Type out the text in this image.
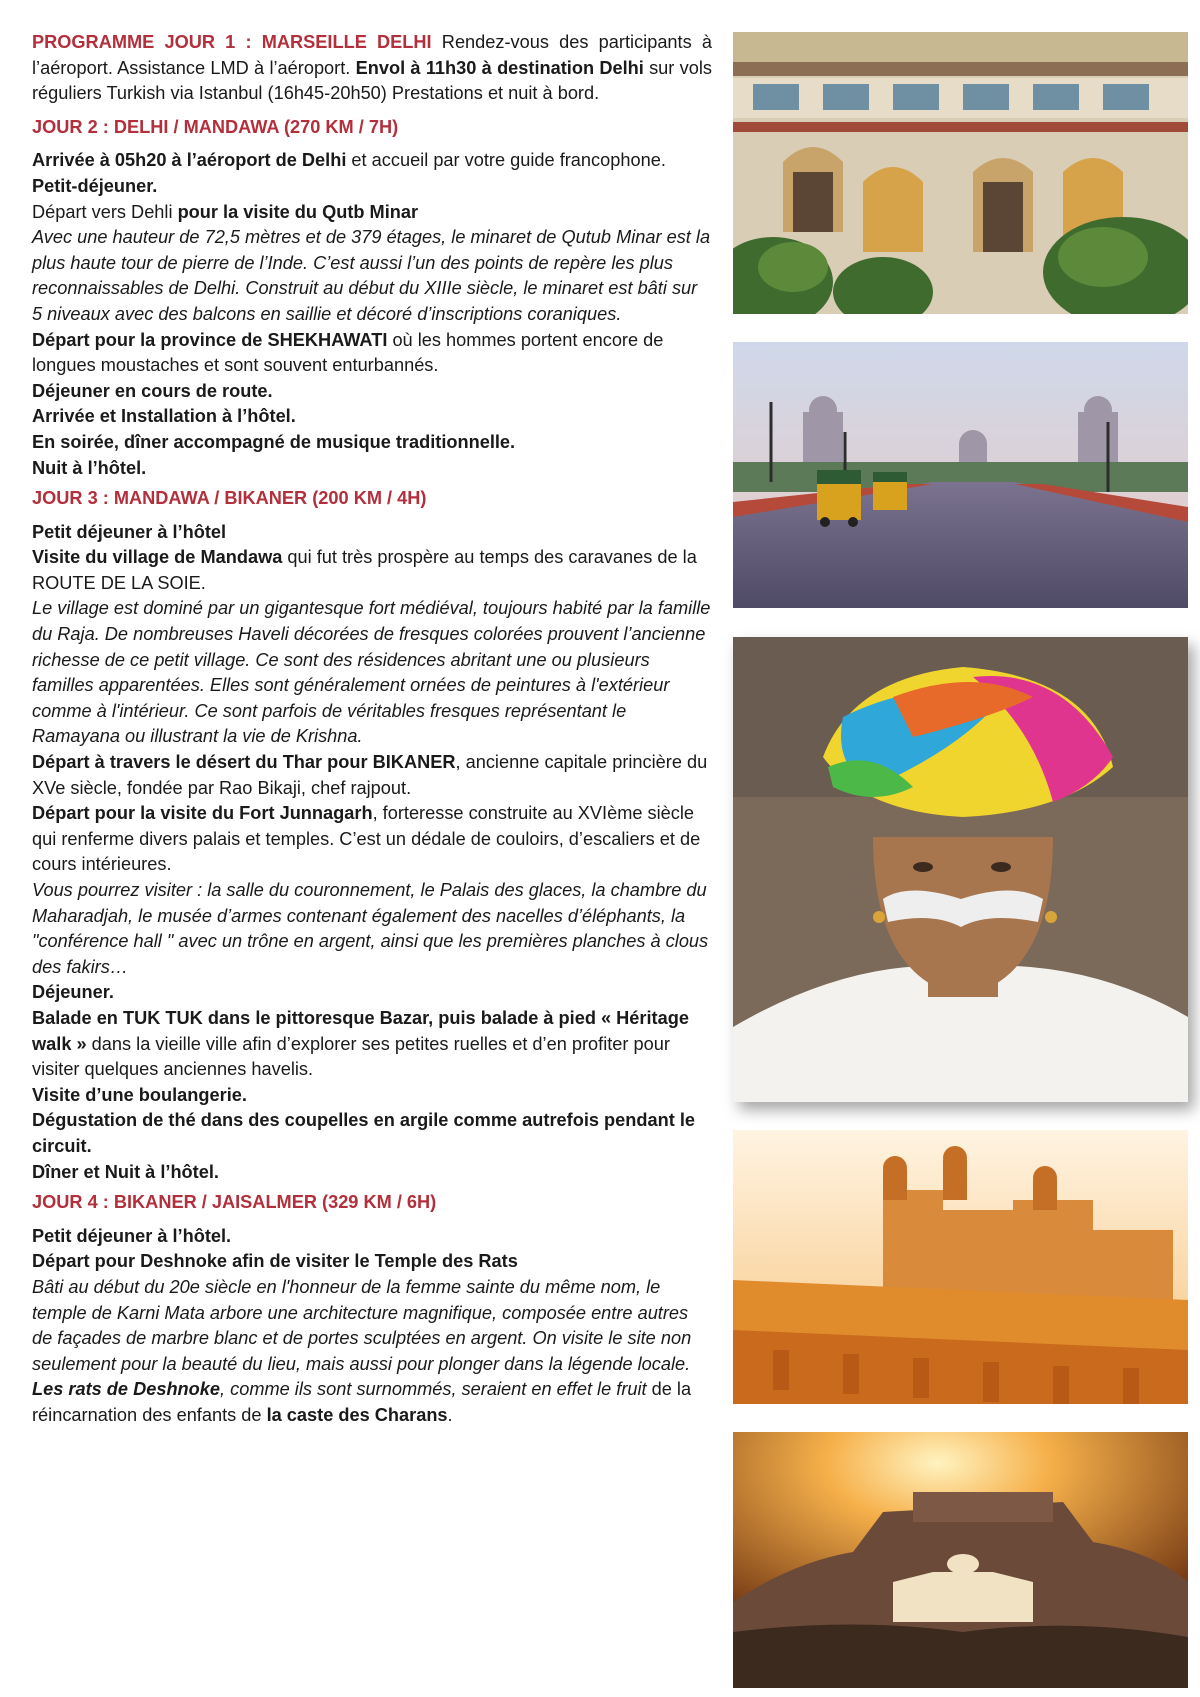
PROGRAMME JOUR 1 : MARSEILLE DELHI Rendez-vous des participants à l’aéroport. Assistance LMD à l’aéroport. Envol à 11h30 à destination Delhi sur vols réguliers Turkish via Istanbul (16h45-20h50) Prestations et nuit à bord.

JOUR 2 : DELHI / MANDAWA (270 KM / 7H)

Arrivée à 05h20 à l’aéroport de Delhi et accueil par votre guide francophone.

Petit-déjeuner.

Départ vers Dehli pour la visite du Qutb Minar

Avec une hauteur de 72,5 mètres et de 379 étages, le minaret de Qutub Minar est la plus haute tour de pierre de l’Inde. C’est aussi l’un des points de repère les plus reconnaissables de Delhi. Construit au début du XIIIe siècle, le minaret est bâti sur 5 niveaux avec des balcons en saillie et décoré d’inscriptions coraniques.

Départ pour la province de SHEKHAWATI où les hommes portent encore de longues moustaches et sont souvent enturbannés.

Déjeuner en cours de route.

Arrivée et Installation à l’hôtel.

En soirée, dîner accompagné de musique traditionnelle.

Nuit à l’hôtel.

JOUR 3 : MANDAWA / BIKANER (200 KM / 4H)

Petit déjeuner à l’hôtel

Visite du village de Mandawa qui fut très prospère au temps des caravanes de la ROUTE DE LA SOIE.

Le village est dominé par un gigantesque fort médiéval, toujours habité par la famille du Raja. De nombreuses Haveli décorées de fresques colorées prouvent l’ancienne richesse de ce petit village. Ce sont des résidences abritant une ou plusieurs familles apparentées. Elles sont généralement ornées de peintures à l'extérieur comme à l'intérieur. Ce sont parfois de véritables fresques représentant le Ramayana ou illustrant la vie de Krishna.

Départ à travers le désert du Thar pour BIKANER, ancienne capitale princière du XVe siècle, fondée par Rao Bikaji, chef rajpout.

Départ pour la visite du Fort Junnagarh, forteresse construite au XVIème siècle qui renferme divers palais et temples. C’est un dédale de couloirs, d’escaliers et de cours intérieures.

Vous pourrez visiter : la salle du couronnement, le Palais des glaces, la chambre du Maharadjah, le musée d’armes contenant également des nacelles d’éléphants, la "conférence hall " avec un trône en argent, ainsi que les premières planches à clous des fakirs…

Déjeuner.

Balade en TUK TUK dans le pittoresque Bazar, puis balade à pied « Héritage walk » dans la vieille ville afin d’explorer ses petites ruelles et d’en profiter pour visiter quelques anciennes havelis.

Visite d’une boulangerie.

Dégustation de thé dans des coupelles en argile comme autrefois pendant le circuit.

Dîner et Nuit à l’hôtel.

JOUR 4 : BIKANER / JAISALMER (329 KM / 6H)

Petit déjeuner à l’hôtel.

Départ pour Deshnoke afin de visiter le Temple des Rats

Bâti au début du 20e siècle en l'honneur de la femme sainte du même nom, le temple de Karni Mata arbore une architecture magnifique, composée entre autres de façades de marbre blanc et de portes sculptées en argent. On visite le site non seulement pour la beauté du lieu, mais aussi pour plonger dans la légende locale. Les rats de Deshnoke, comme ils sont surnommés, seraient en effet le fruit de la réincarnation des enfants de la caste des Charans.
